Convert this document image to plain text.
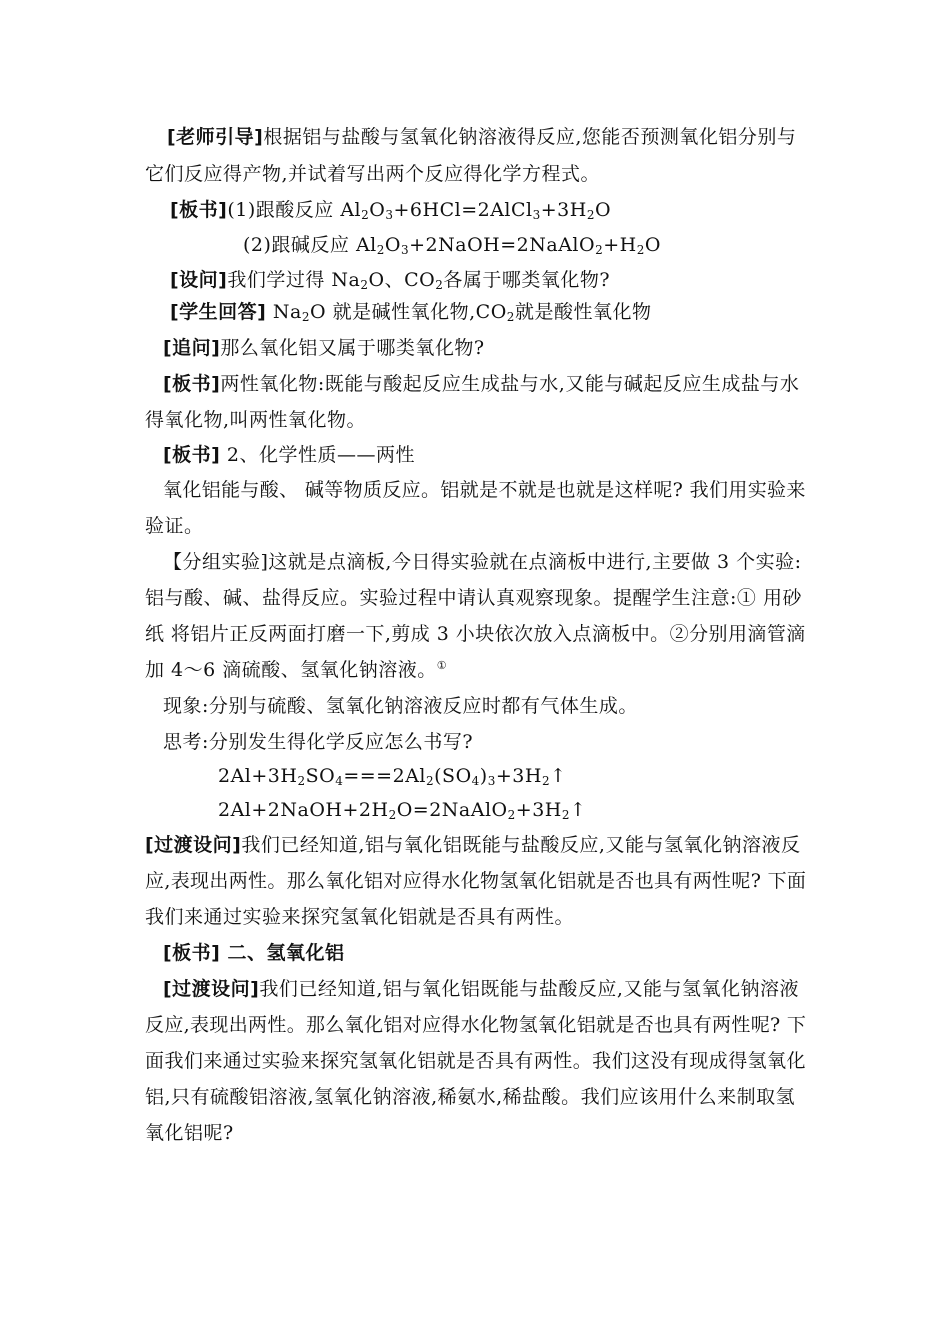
[老师引导]根据铝与盐酸与氢氧化钠溶液得反应,您能否预测氧化铝分别与
它们反应得产物,并试着写出两个反应得化学方程式。
[板书](1)跟酸反应 $Al_2O_3+6HCl=2AlCl_3+3H_2O$
(2)跟碱反应 $Al_2O_3+2NaOH=2NaAlO_2+H_2O$
[设问]我们学过得 $Na_2O$、$CO_2$各属于哪类氧化物?
[学生回答] $Na_2O$ 就是碱性氧化物$,CO_2$就是酸性氧化物
[追问]那么氧化铝又属于哪类氧化物?
[板书]两性氧化物:既能与酸起反应生成盐与水,又能与碱起反应生成盐与水
得氧化物,叫两性氧化物。
[板书] 2、化学性质——两性
氧化铝能与酸、 碱等物质反应。铝就是不就是也就是这样呢? 我们用实验来
验证。
【分组实验]这就是点滴板,今日得实验就在点滴板中进行,主要做 3 个实验:
铝与酸、碱、盐得反应。实验过程中请认真观察现象。提醒学生注意:① 用砂
纸 将铝片正反两面打磨一下,剪成 3 小块依次放入点滴板中。②分别用滴管滴
加 4～6 滴硫酸、氢氧化钠溶液。①
现象:分别与硫酸、氢氧化钠溶液反应时都有气体生成。
思考:分别发生得化学反应怎么书写?
$2Al+3H_2SO_4===2Al_2(SO_4)_3+3H_2↑$
$2Al+2NaOH+2H_2O=2NaAlO_2+3H_2↑$
[过渡设问]我们已经知道,铝与氧化铝既能与盐酸反应,又能与氢氧化钠溶液反
应,表现出两性。那么氧化铝对应得水化物氢氧化铝就是否也具有两性呢? 下面
我们来通过实验来探究氢氧化铝就是否具有两性。
[板书] 二、氢氧化铝
[过渡设问]我们已经知道,铝与氧化铝既能与盐酸反应,又能与氢氧化钠溶液
反应,表现出两性。那么氧化铝对应得水化物氢氧化铝就是否也具有两性呢? 下
面我们来通过实验来探究氢氧化铝就是否具有两性。我们这没有现成得氢氧化
铝,只有硫酸铝溶液,氢氧化钠溶液,稀氨水,稀盐酸。我们应该用什么来制取氢
氧化铝呢?
